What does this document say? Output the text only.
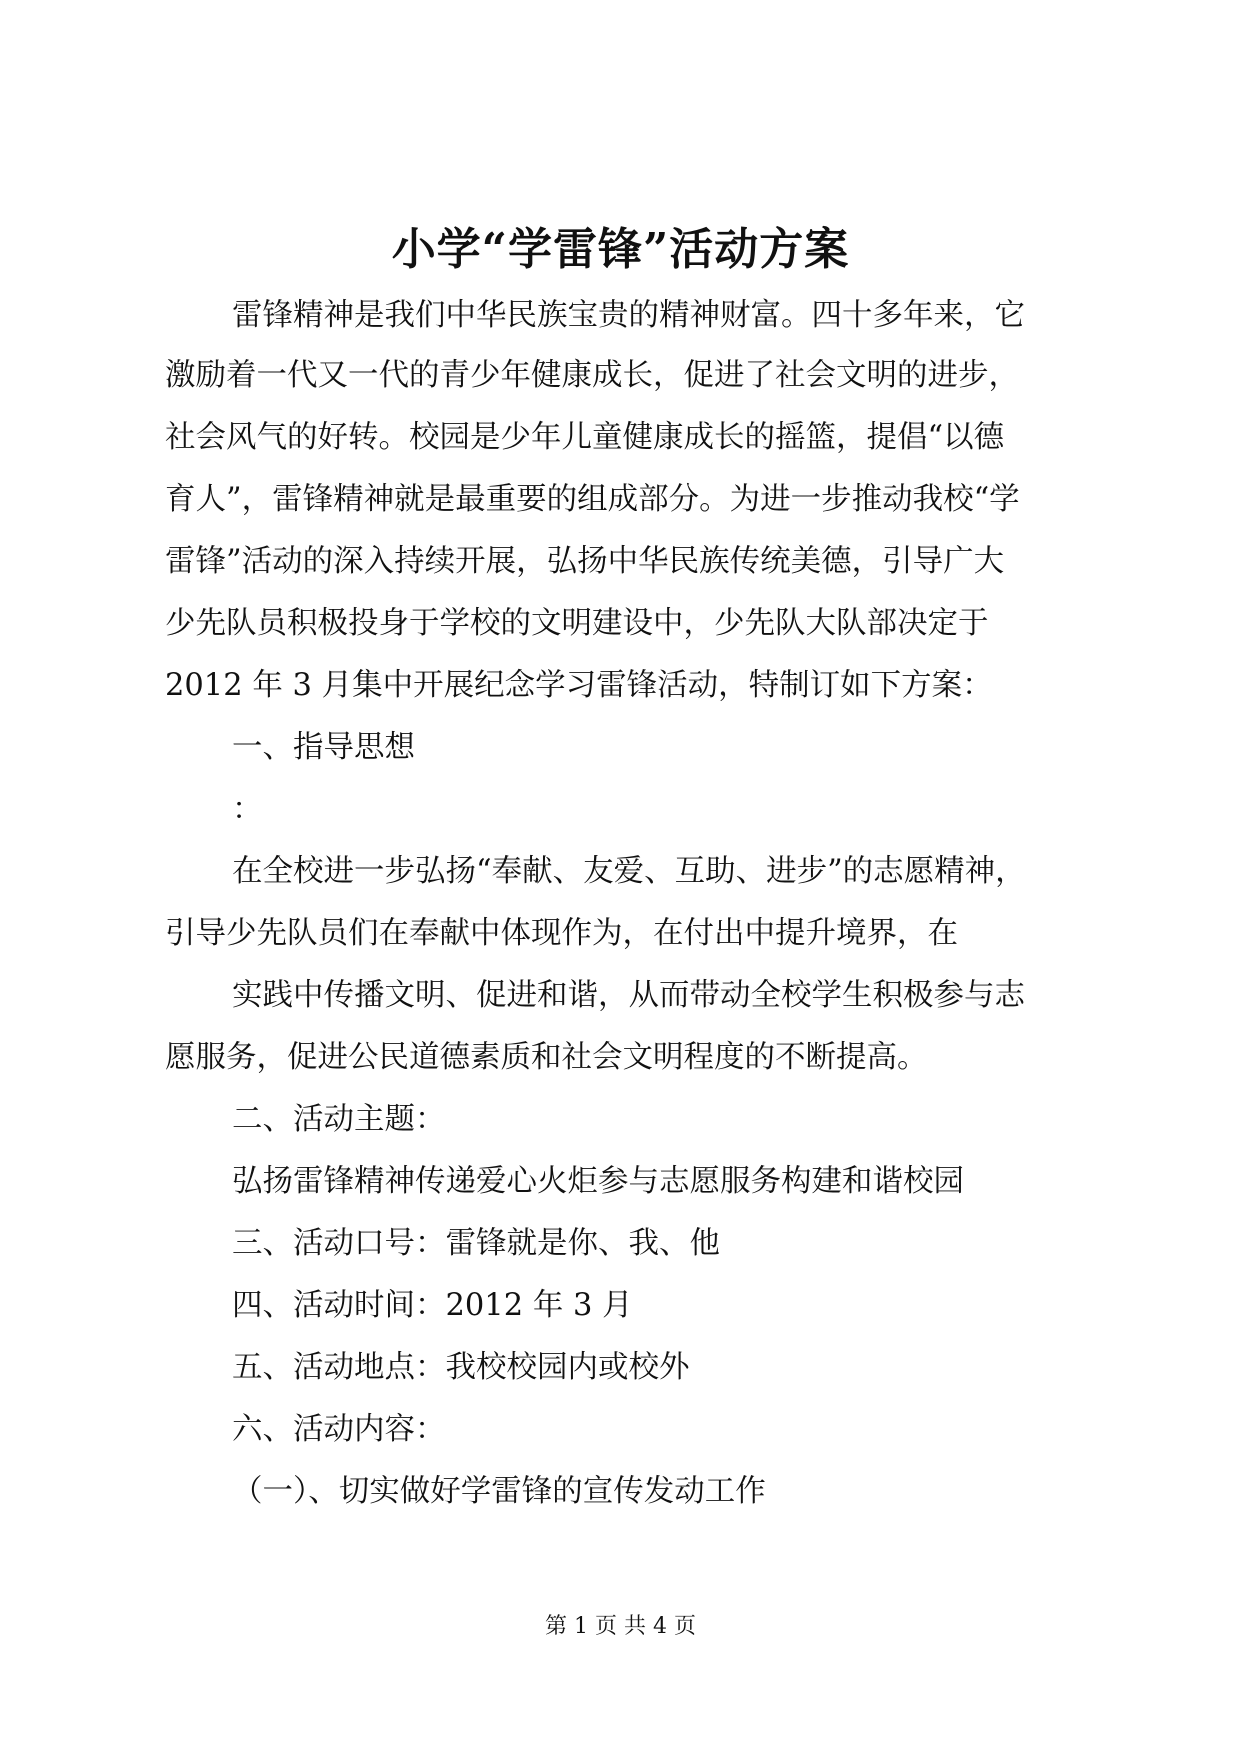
小学“学雷锋”活动方案
雷锋精神是我们中华民族宝贵的精神财富。四十多年来，它
激励着一代又一代的青少年健康成长，促进了社会文明的进步，
社会风气的好转。校园是少年儿童健康成长的摇篮，提倡“以德
育人”，雷锋精神就是最重要的组成部分。为进一步推动我校“学
雷锋”活动的深入持续开展，弘扬中华民族传统美德，引导广大
少先队员积极投身于学校的文明建设中，少先队大队部决定于
2012 年 3 月集中开展纪念学习雷锋活动，特制订如下方案：
一、指导思想
：
在全校进一步弘扬“奉献、友爱、互助、进步”的志愿精神，
引导少先队员们在奉献中体现作为，在付出中提升境界，在
实践中传播文明、促进和谐，从而带动全校学生积极参与志
愿服务，促进公民道德素质和社会文明程度的不断提高。
二、活动主题：
弘扬雷锋精神传递爱心火炬参与志愿服务构建和谐校园
三、活动口号：雷锋就是你、我、他
四、活动时间：2012 年 3 月
五、活动地点：我校校园内或校外
六、活动内容：
（一）、切实做好学雷锋的宣传发动工作
第 1 页 共 4 页
